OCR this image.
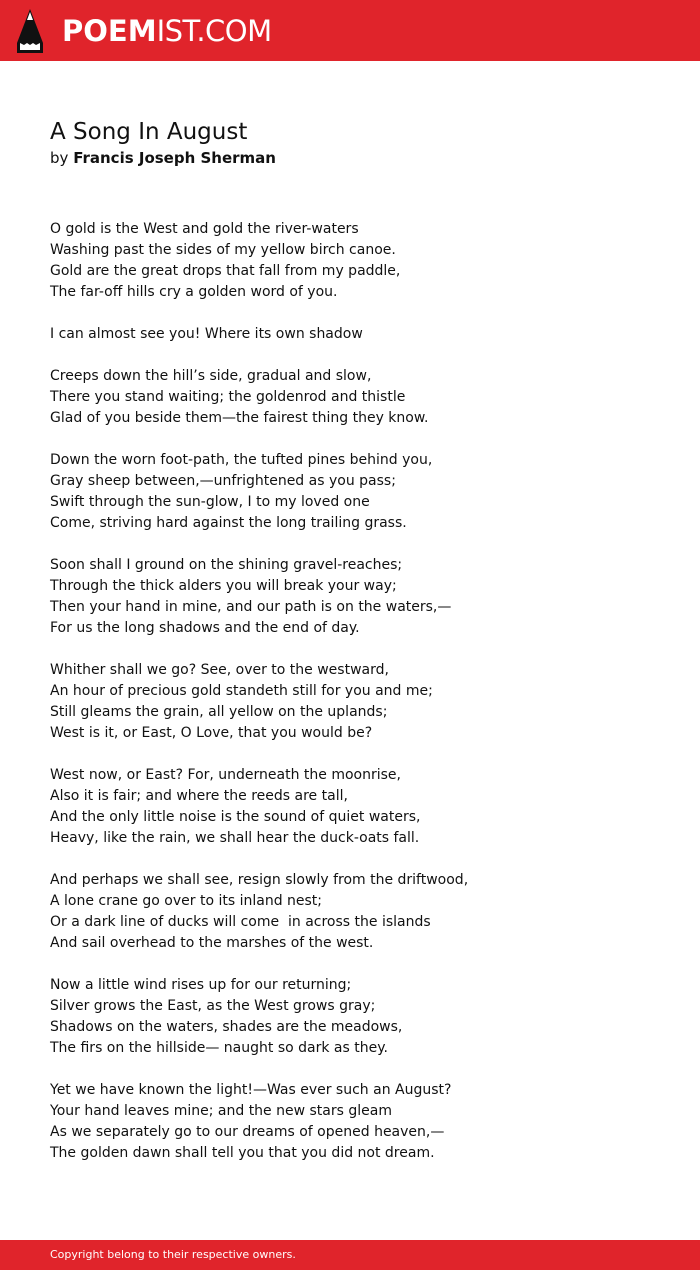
POEMIST.COM
A Song In August
by Francis Joseph Sherman
O gold is the West and gold the river-waters
Washing past the sides of my yellow birch canoe.
Gold are the great drops that fall from my paddle,
The far-off hills cry a golden word of you.
I can almost see you! Where its own shadow
Creeps down the hill’s side, gradual and slow,
There you stand waiting; the goldenrod and thistle
Glad of you beside them—the fairest thing they know.
Down the worn foot-path, the tufted pines behind you,
Gray sheep between,—unfrightened as you pass;
Swift through the sun-glow, I to my loved one
Come, striving hard against the long trailing grass.
Soon shall I ground on the shining gravel-reaches;
Through the thick alders you will break your way;
Then your hand in mine, and our path is on the waters,—
For us the long shadows and the end of day.
Whither shall we go? See, over to the westward,
An hour of precious gold standeth still for you and me;
Still gleams the grain, all yellow on the uplands;
West is it, or East, O Love, that you would be?
West now, or East? For, underneath the moonrise,
Also it is fair; and where the reeds are tall,
And the only little noise is the sound of quiet waters,
Heavy, like the rain, we shall hear the duck-oats fall.
And perhaps we shall see, resign slowly from the driftwood,
A lone crane go over to its inland nest;
Or a dark line of ducks will come  in across the islands
And sail overhead to the marshes of the west.
Now a little wind rises up for our returning;
Silver grows the East, as the West grows gray;
Shadows on the waters, shades are the meadows,
The firs on the hillside— naught so dark as they.
Yet we have known the light!—Was ever such an August?
Your hand leaves mine; and the new stars gleam
As we separately go to our dreams of opened heaven,—
The golden dawn shall tell you that you did not dream.
Copyright belong to their respective owners.
